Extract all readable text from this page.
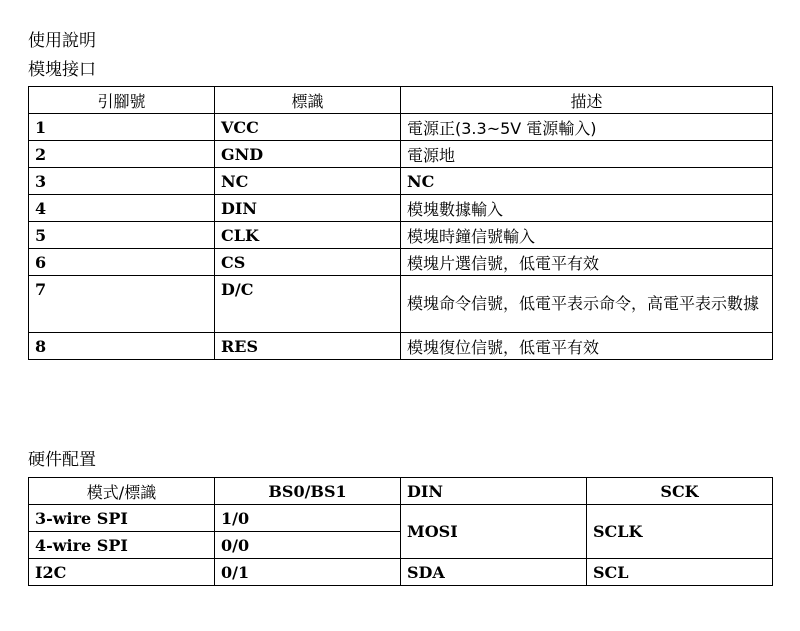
使用說明
模塊接口
引腳號	標識	描述
1	VCC	電源正(3.3~5V 電源輸入)
2	GND	電源地
3	NC	NC
4	DIN	模塊數據輸入
5	CLK	模塊時鐘信號輸入
6	CS	模塊片選信號，低電平有效
7	D/C	模塊命令信號，低電平表示命令，高電平表示數據
8	RES	模塊復位信號，低電平有效
硬件配置
模式/標識	BS0/BS1	DIN	SCK
3-wire SPI	1/0	MOSI	SCLK
4-wire SPI	0/0		
I2C	0/1	SDA	SCL
